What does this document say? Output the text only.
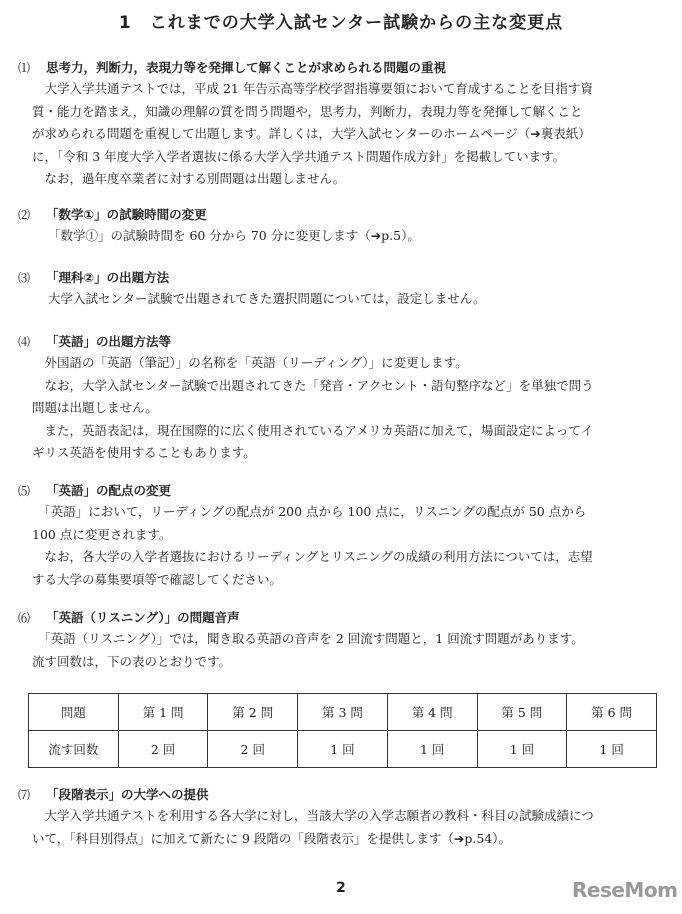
1　これまでの大学入試センター試験からの主な変更点
⑴	思考力，判断力，表現力等を発揮して解くことが求められる問題の重視

　大学入学共通テストでは，平成 21 年告示高等学校学習指導要領において育成することを目指す資

質・能力を踏まえ，知識の理解の質を問う問題や，思考力，判断力，表現力等を発揮して解くこと

が求められる問題を重視して出題します。詳しくは，大学入試センターのホームページ（➔裏表紙）

に，「令和 3 年度大学入学者選抜に係る大学入学共通テスト問題作成方針」を掲載しています。

　なお，過年度卒業者に対する別問題は出題しません。

⑵	「数学①」の試験時間の変更

「数学①」の試験時間を 60 分から 70 分に変更します（➔p.5）。

⑶	「理科②」の出題方法

大学入試センター試験で出題されてきた選択問題については，設定しません。

⑷	「英語」の出題方法等

　外国語の「英語（筆記）」の名称を「英語（リーディング）」に変更します。

　なお，大学入試センター試験で出題されてきた「発音・アクセント・語句整序など」を単独で問う

問題は出題しません。

　また，英語表記は，現在国際的に広く使用されているアメリカ英語に加えて，場面設定によってイ

ギリス英語を使用することもあります。

⑸	「英語」の配点の変更

　「英語」において，リーディングの配点が 200 点から 100 点に，リスニングの配点が 50 点から

100 点に変更されます。

　なお，各大学の入学者選抜におけるリーディングとリスニングの成績の利用方法については，志望

する大学の募集要項等で確認してください。

⑹	「英語（リスニング）」の問題音声

　「英語（リスニング）」では，聞き取る英語の音声を 2 回流す問題と，1 回流す問題があります。

流す回数は，下の表のとおりです。

問題	第 1 問	第 2 問	第 3 問	第 4 問	第 5 問	第 6 問
流す回数	2 回	2 回	1 回	1 回	1 回	1 回
⑺	「段階表示」の大学への提供

　大学入学共通テストを利用する各大学に対し，当該大学の入学志願者の教科・科目の試験成績につ

いて，「科目別得点」に加えて新たに 9 段階の「段階表示」を提供します（➔p.54）。

2	ReseMom
